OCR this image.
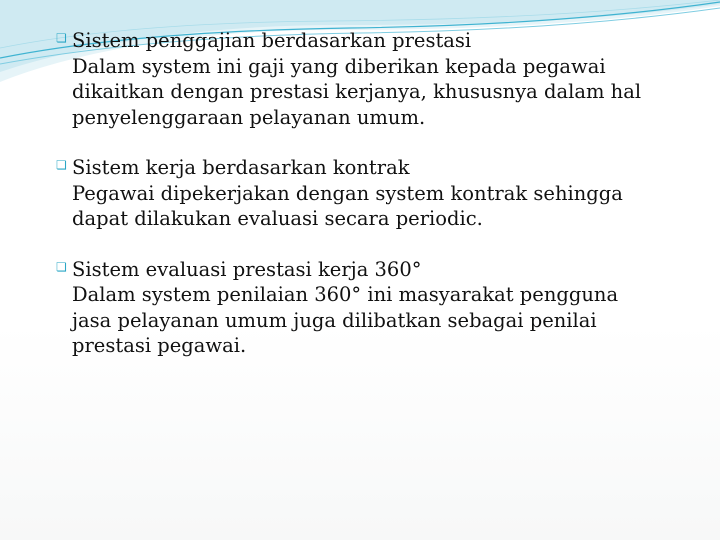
❏ Sistem penggajian berdasarkan prestasi
Dalam system ini gaji yang diberikan kepada pegawai
dikaitkan dengan prestasi kerjanya, khususnya dalam hal
penyelenggaraan pelayanan umum.
❏ Sistem kerja berdasarkan kontrak
Pegawai dipekerjakan dengan system kontrak sehingga
dapat dilakukan evaluasi secara periodic.
❏ Sistem evaluasi prestasi kerja 360°
Dalam system penilaian 360° ini masyarakat pengguna
jasa pelayanan umum juga dilibatkan sebagai penilai
prestasi pegawai.
